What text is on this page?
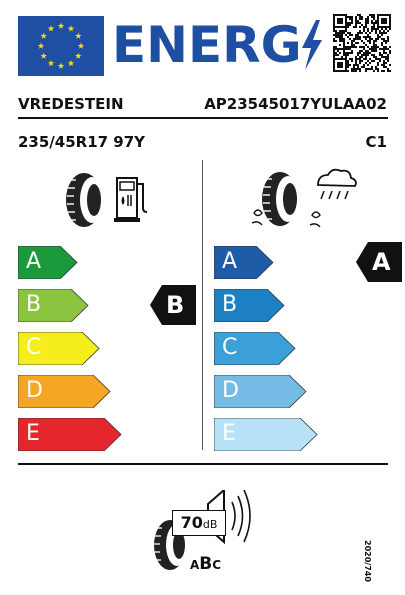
ENERG
VREDESTEIN	AP23545017YULAA02
235/45R17 97Y	C1
A
B
C
D
E
A
B
C
D
E
B
A
70dB
ABC	2020/740
